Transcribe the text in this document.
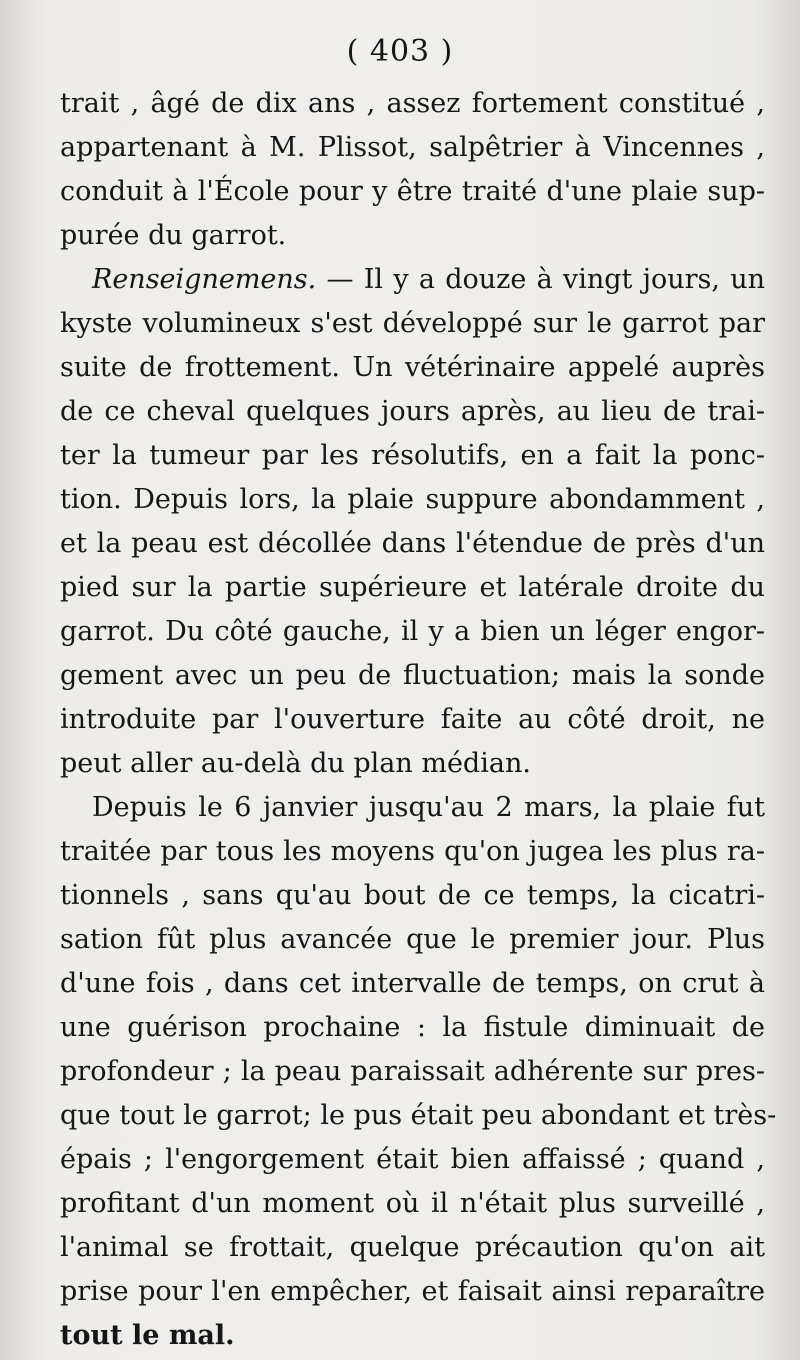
( 403 )
trait , âgé de dix ans , assez fortement constitué ,
appartenant à M. Plissot, salpêtrier à Vincennes ,
conduit à l'École pour y être traité d'une plaie sup-
purée du garrot.
Renseignemens. — Il y a douze à vingt jours, un
kyste volumineux s'est développé sur le garrot par
suite de frottement. Un vétérinaire appelé auprès
de ce cheval quelques jours après, au lieu de trai-
ter la tumeur par les résolutifs, en a fait la ponc-
tion. Depuis lors, la plaie suppure abondamment ,
et la peau est décollée dans l'étendue de près d'un
pied sur la partie supérieure et latérale droite du
garrot. Du côté gauche, il y a bien un léger engor-
gement avec un peu de fluctuation; mais la sonde
introduite par l'ouverture faite au côté droit, ne
peut aller au-delà du plan médian.
Depuis le 6 janvier jusqu'au 2 mars, la plaie fut
traitée par tous les moyens qu'on jugea les plus ra-
tionnels , sans qu'au bout de ce temps, la cicatri-
sation fût plus avancée que le premier jour. Plus
d'une fois , dans cet intervalle de temps, on crut à
une guérison prochaine : la fistule diminuait de
profondeur ; la peau paraissait adhérente sur pres-
que tout le garrot; le pus était peu abondant et très-
épais ; l'engorgement était bien affaissé ; quand ,
profitant d'un moment où il n'était plus surveillé ,
l'animal se frottait, quelque précaution qu'on ait
prise pour l'en empêcher, et faisait ainsi reparaître
tout le mal.
